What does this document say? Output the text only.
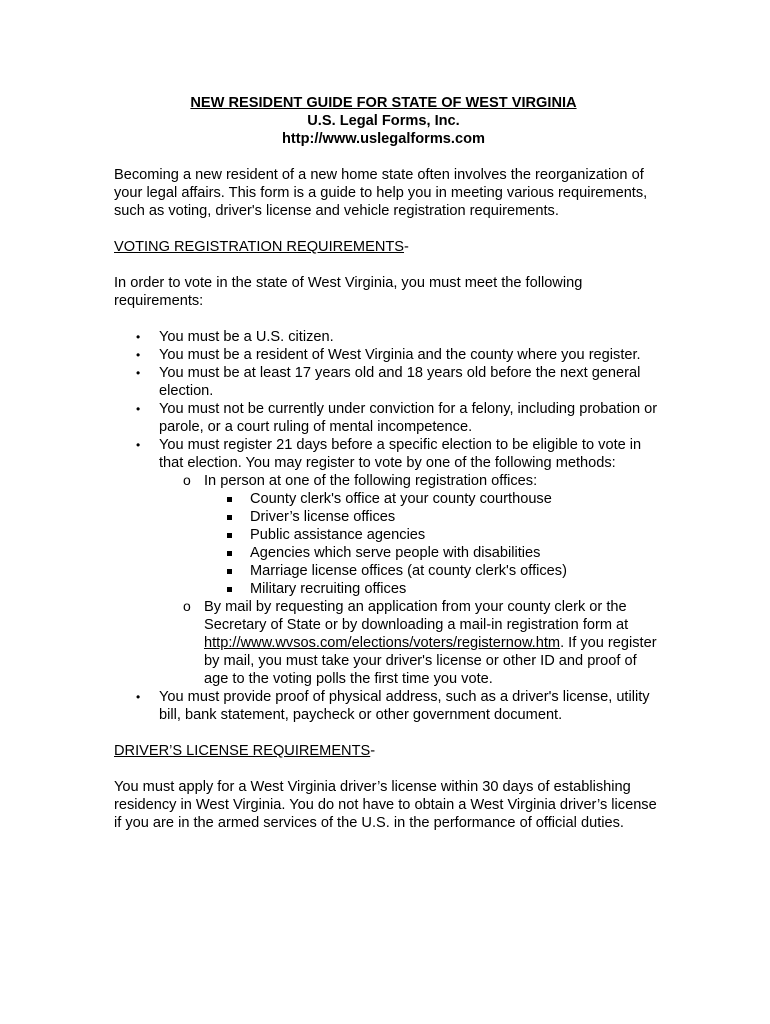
NEW RESIDENT GUIDE FOR STATE OF WEST VIRGINIA
U.S. Legal Forms, Inc.
http://www.uslegalforms.com

Becoming a new resident of a new home state often involves the reorganization of your legal affairs. This form is a guide to help you in meeting various requirements, such as voting, driver's license and vehicle registration requirements.

VOTING REGISTRATION REQUIREMENTS-

In order to vote in the state of West Virginia, you must meet the following requirements:

• You must be a U.S. citizen.
• You must be a resident of West Virginia and the county where you register.
• You must be at least 17 years old and 18 years old before the next general election.
• You must not be currently under conviction for a felony, including probation or parole, or a court ruling of mental incompetence.
• You must register 21 days before a specific election to be eligible to vote in that election. You may register to vote by one of the following methods:
o In person at one of the following registration offices:
County clerk's office at your county courthouse
Driver’s license offices
Public assistance agencies
Agencies which serve people with disabilities
Marriage license offices (at county clerk's offices)
Military recruiting offices
o By mail by requesting an application from your county clerk or the Secretary of State or by downloading a mail-in registration form at http://www.wvsos.com/elections/voters/registernow.htm. If you register by mail, you must take your driver's license or other ID and proof of age to the voting polls the first time you vote.
• You must provide proof of physical address, such as a driver's license, utility bill, bank statement, paycheck or other government document.

DRIVER’S LICENSE REQUIREMENTS-

You must apply for a West Virginia driver’s license within 30 days of establishing residency in West Virginia. You do not have to obtain a West Virginia driver’s license if you are in the armed services of the U.S. in the performance of official duties.
